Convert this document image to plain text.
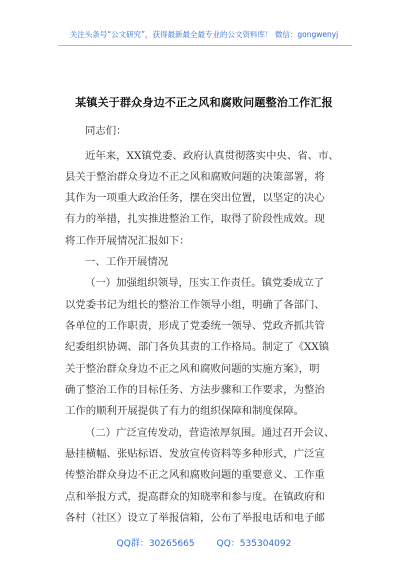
关注头条号“公文研究”，获得最新最全最专业的公文资料库！ 微信：gongwenyj
某镇关于群众身边不正之风和腐败问题整治工作汇报
同志们：
近年来，XX镇党委、政府认真贯彻落实中央、省、市、
县关于整治群众身边不正之风和腐败问题的决策部署，将
其作为一项重大政治任务，摆在突出位置，以坚定的决心
有力的举措，扎实推进整治工作，取得了阶段性成效。现
将工作开展情况汇报如下：
一、工作开展情况
（一）加强组织领导，压实工作责任。镇党委成立了
以党委书记为组长的整治工作领导小组，明确了各部门、
各单位的工作职责，形成了党委统一领导、党政齐抓共管
纪委组织协调、部门各负其责的工作格局。制定了《XX镇
关于整治群众身边不正之风和腐败问题的实施方案》，明
确了整治工作的目标任务、方法步骤和工作要求，为整治
工作的顺利开展提供了有力的组织保障和制度保障。
（二）广泛宣传发动，营造浓厚氛围。通过召开会议、
悬挂横幅、张贴标语、发放宣传资料等多种形式，广泛宣
传整治群众身边不正之风和腐败问题的重要意义、工作重
点和举报方式，提高群众的知晓率和参与度。在镇政府和
各村（社区）设立了举报信箱，公布了举报电话和电子邮
QQ群：30265665 QQ：535304092
